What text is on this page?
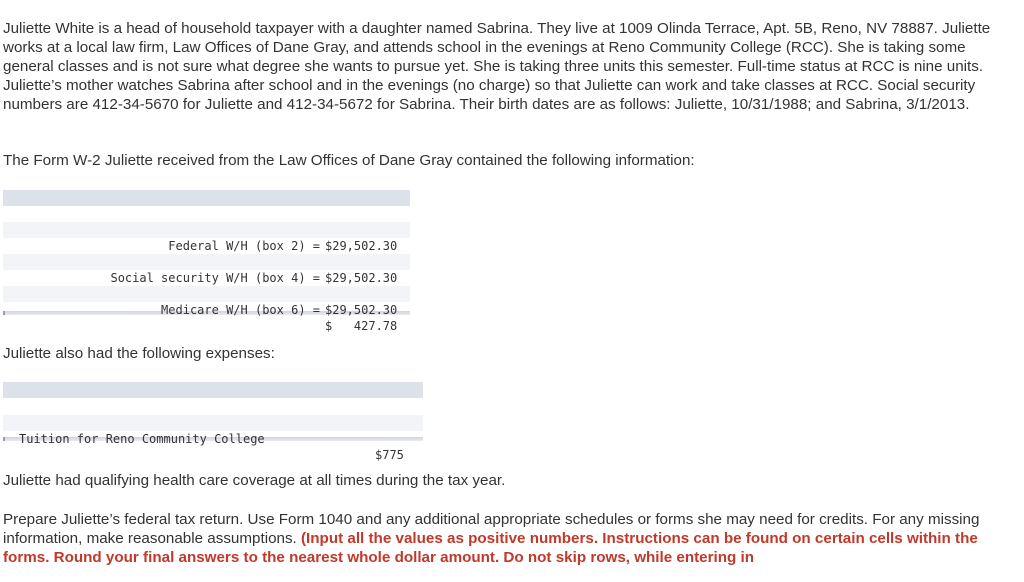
Juliette White is a head of household taxpayer with a daughter named Sabrina. They live at 1009 Olinda Terrace, Apt. 5B, Reno, NV 78887. Juliette works at a local law firm, Law Offices of Dane Gray, and attends school in the evenings at Reno Community College (RCC). She is taking some general classes and is not sure what degree she wants to pursue yet. She is taking three units this semester. Full-time status at RCC is nine units. Juliette’s mother watches Sabrina after school and in the evenings (no charge) so that Juliette can work and take classes at RCC. Social security numbers are 412-34-5670 for Juliette and 412-34-5672 for Sabrina. Their birth dates are as follows: Juliette, 10/31/1988; and Sabrina, 3/1/2013.

The Form W-2 Juliette received from the Law Offices of Dane Gray contained the following information:

$29,502.30

Federal W/H (box 2) =

$29,502.30

Social security W/H (box 4) =

$29,502.30

Medicare W/H (box 6) =

$   427.78

Juliette also had the following expenses:

Tuition for Reno Community College

$775

Juliette had qualifying health care coverage at all times during the tax year.

Prepare Juliette’s federal tax return. Use Form 1040 and any additional appropriate schedules or forms she may need for credits. For any missing information, make reasonable assumptions. (Input all the values as positive numbers. Instructions can be found on certain cells within the forms. Round your final answers to the nearest whole dollar amount. Do not skip rows, while entering in
